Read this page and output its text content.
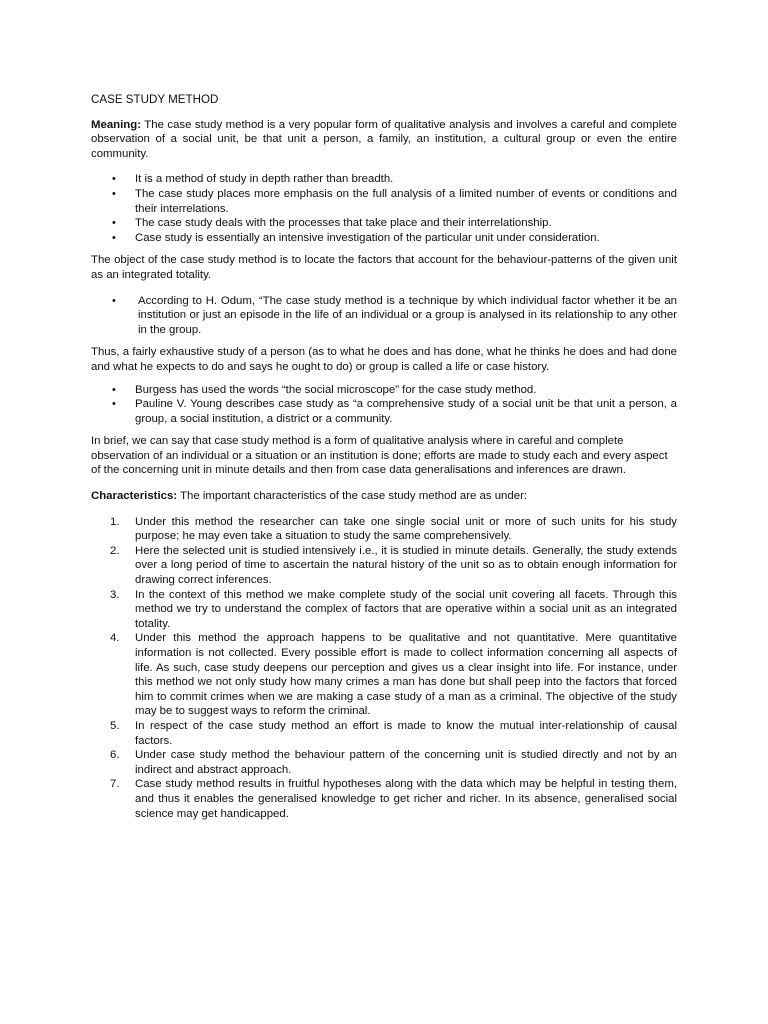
CASE STUDY METHOD

Meaning: The case study method is a very popular form of qualitative analysis and involves a careful and complete observation of a social unit, be that unit a person, a family, an institution, a cultural group or even the entire community.

• It is a method of study in depth rather than breadth.
• The case study places more emphasis on the full analysis of a limited number of events or conditions and their interrelations.
• The case study deals with the processes that take place and their interrelationship.
• Case study is essentially an intensive investigation of the particular unit under consideration.

The object of the case study method is to locate the factors that account for the behaviour-patterns of the given unit as an integrated totality.

• According to H. Odum, “The case study method is a technique by which individual factor whether it be an institution or just an episode in the life of an individual or a group is analysed in its relationship to any other in the group.

Thus, a fairly exhaustive study of a person (as to what he does and has done, what he thinks he does and had done and what he expects to do and says he ought to do) or group is called a life or case history.

• Burgess has used the words “the social microscope” for the case study method.
• Pauline V. Young describes case study as “a comprehensive study of a social unit be that unit a person, a group, a social institution, a district or a community.

In brief, we can say that case study method is a form of qualitative analysis where in careful and complete observation of an individual or a situation or an institution is done; efforts are made to study each and every aspect of the concerning unit in minute details and then from case data generalisations and inferences are drawn.

Characteristics: The important characteristics of the case study method are as under:

1. Under this method the researcher can take one single social unit or more of such units for his study purpose; he may even take a situation to study the same comprehensively.
2. Here the selected unit is studied intensively i.e., it is studied in minute details. Generally, the study extends over a long period of time to ascertain the natural history of the unit so as to obtain enough information for drawing correct inferences.
3. In the context of this method we make complete study of the social unit covering all facets. Through this method we try to understand the complex of factors that are operative within a social unit as an integrated totality.
4. Under this method the approach happens to be qualitative and not quantitative. Mere quantitative information is not collected. Every possible effort is made to collect information concerning all aspects of life. As such, case study deepens our perception and gives us a clear insight into life. For instance, under this method we not only study how many crimes a man has done but shall peep into the factors that forced him to commit crimes when we are making a case study of a man as a criminal. The objective of the study may be to suggest ways to reform the criminal.
5. In respect of the case study method an effort is made to know the mutual inter-relationship of causal factors.
6. Under case study method the behaviour pattern of the concerning unit is studied directly and not by an indirect and abstract approach.
7. Case study method results in fruitful hypotheses along with the data which may be helpful in testing them, and thus it enables the generalised knowledge to get richer and richer. In its absence, generalised social science may get handicapped.
